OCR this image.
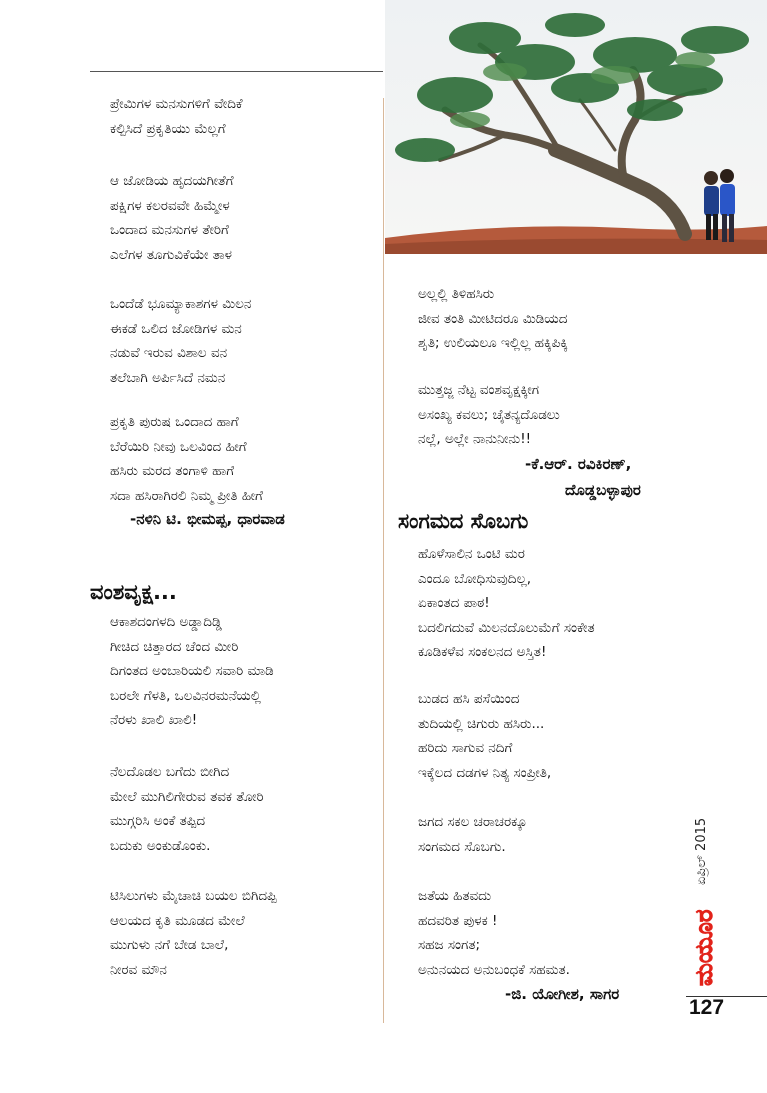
ಪ್ರೇಮಿಗಳ ಮನಸುಗಳಿಗೆ ವೇದಿಕೆ
ಕಲ್ಪಿಸಿದೆ ಪ್ರಕೃತಿಯು ಮೆಲ್ಲಗೆ
ಆ ಜೋಡಿಯ ಹೃದಯಗೀತೆಗೆ
ಪಕ್ಷಿಗಳ ಕಲರವವೇ ಹಿಮ್ಮೇಳ
ಒಂದಾದ ಮನಸುಗಳ ತೇರಿಗೆ
ಎಲೆಗಳ ತೂಗುವಿಕೆಯೇ ತಾಳ
ಒಂದೆಡೆ ಭೂಮ್ಯಾಕಾಶಗಳ ಮಿಲನ
ಈಕಡೆ ಒಲಿದ ಜೋಡಿಗಳ ಮನ
ನಡುವೆ ಇರುವ ವಿಶಾಲ ವನ
ತಲೆಬಾಗಿ ಅರ್ಪಿಸಿದೆ ನಮನ
ಪ್ರಕೃತಿ ಪುರುಷ ಒಂದಾದ ಹಾಗೆ
ಬೆರೆಯಿರಿ ನೀವು ಒಲವಿಂದ ಹೀಗೆ
ಹಸಿರು ಮರದ ತಂಗಾಳಿ ಹಾಗೆ
ಸದಾ ಹಸಿರಾಗಿರಲಿ ನಿಮ್ಮ ಪ್ರೀತಿ ಹೀಗೆ
-ನಳಿನಿ ಟಿ. ಭೀಮಪ್ಪ, ಧಾರವಾಡ
ವಂಶವೃಕ್ಷ...
ಆಕಾಶದಂಗಳದಿ ಅಡ್ಡಾದಿಡ್ಡಿ
ಗೀಚಿದ ಚಿತ್ತಾರದ ಚೆಂದ ಮೀರಿ
ದಿಗಂತದ ಅಂಬಾರಿಯಲಿ ಸವಾರಿ ಮಾಡಿ
ಬರಲೇ ಗೆಳತಿ, ಒಲವಿನರಮನೆಯಲ್ಲಿ
ನೆರಳು ಖಾಲಿ ಖಾಲಿ!
ನೆಲದೊಡಲ ಬಗೆದು ಬೀಗಿದ
ಮೇಲೆ ಮುಗಿಲಿಗೇರುವ ತವಕ ತೋರಿ
ಮುಗ್ಗರಿಸಿ ಅಂಕೆ ತಪ್ಪಿದ
ಬದುಕು ಅಂಕುಡೊಂಕು.
ಟಿಸಿಲುಗಳು ಮೈಚಾಚಿ ಬಯಲ ಬಿಗಿದಪ್ಪಿ
ಆಲಯದ ಕೃತಿ ಮೂಡದ ಮೇಲೆ
ಮುಗುಳು ನಗೆ ಬೇಡ ಬಾಲೆ,
ನೀರವ ಮೌನ
ಅಲ್ಲಲ್ಲಿ ತಿಳಿಹಸಿರು
ಜೀವ ತಂತಿ ಮೀಟಿದರೂ ಮಿಡಿಯದ
ಶೃತಿ; ಉಲಿಯಲೂ ಇಲ್ಲಿಲ್ಲ ಹಕ್ಕಿಪಿಕ್ಕಿ
ಮುತ್ತಜ್ಜ ನೆಟ್ಟ ವಂಶವೃಕ್ಷಕ್ಕೀಗ
ಅಸಂಖ್ಯ ಕವಲು; ಚೈತನ್ಯದೊಡಲು
ನಲ್ಲೆ, ಅಲ್ಲೇ ನಾನುನೀನು!!
-ಕೆ.ಆರ್. ರವಿಕಿರಣ್,
ದೊಡ್ಡಬಳ್ಳಾಪುರ
ಸಂಗಮದ ಸೊಬಗು
ಹೊಳೆಸಾಲಿನ ಒಂಟಿ ಮರ
ಎಂದೂ ಬೋಧಿಸುವುದಿಲ್ಲ,
ಏಕಾಂತದ ಪಾಠ!
ಬದಲಿಗದುವೆ ಮಿಲನದೊಲುಮೆಗೆ ಸಂಕೇತ
ಕೂಡಿಕಳೆವ ಸಂಕಲನದ ಅಸ್ತಿತ!
ಬುಡದ ಹಸಿ ಪಸೆಯಿಂದ
ತುದಿಯಲ್ಲಿ ಚಿಗುರು ಹಸಿರು...
ಹರಿದು ಸಾಗುವ ನದಿಗೆ
ಇಕ್ಕೆಲದ ದಡಗಳ ನಿತ್ಯ ಸಂಪ್ರೀತಿ,
ಜಗದ ಸಕಲ ಚರಾಚರಕ್ಕೂ
ಸಂಗಮದ ಸೊಬಗು.
ಜತೆಯ ಹಿತವದು
ಹದವರಿತ ಪುಳಕ !
ಸಹಜ ಸಂಗತ;
ಅನುನಯದ ಅನುಬಂಧಕೆ ಸಹಮತ.
-ಜಿ. ಯೋಗೀಶ, ಸಾಗರ
ಏಪ್ರಿಲ್ 2015
ಮಯೂರ
127
